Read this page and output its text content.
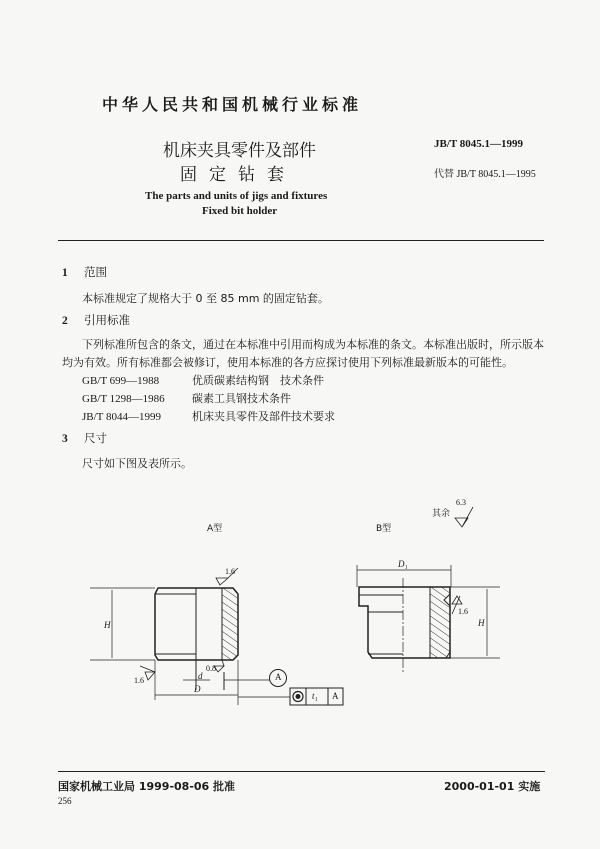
中华人民共和国机械行业标准
机床夹具零件及部件
固定钻套
JB/T 8045.1—1999
代替 JB/T 8045.1—1995
The parts and units of jigs and fixtures
Fixed bit holder
1 范围
本标准规定了规格大于 0 至 85 mm 的固定钻套。
2 引用标准
下列标准所包含的条文，通过在本标准中引用而构成为本标准的条文。本标准出版时，所示版本
均为有效。所有标准都会被修订，使用本标准的各方应探讨使用下列标准最新版本的可能性。
GB/T 699—1988	优质碳素结构钢　技术条件
GB/T 1298—1986 碳素工具钢技术条件
JB/T 8044—1999	机床夹具零件及部件技术要求
3 尺寸
尺寸如下图及表所示。
A型	B型
其余
6.3
H
D
d
1.6
1.6
0.8
A
t₁ A
D₁
H
1.6
国家机械工业局 1999-08-06 批准	2000-01-01 实施
256
